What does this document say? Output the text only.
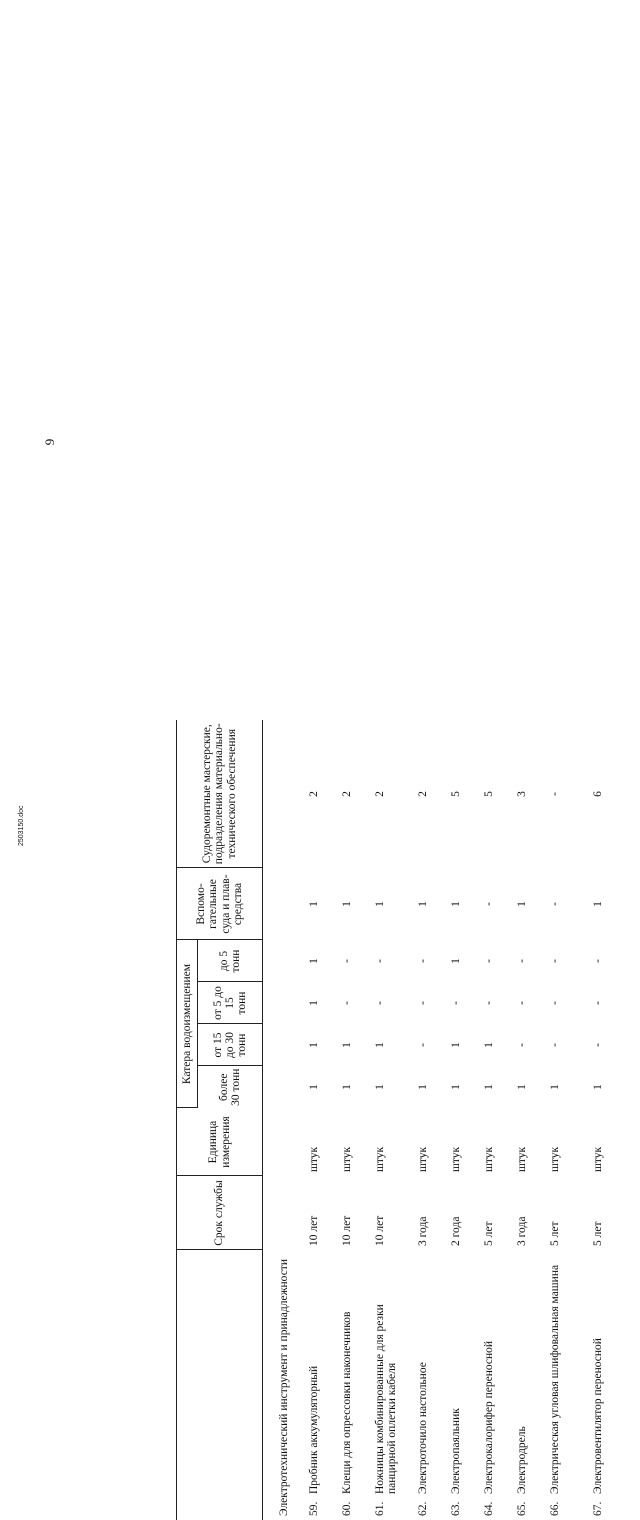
9
2503150.doc
		Срок службы	Единица измерения	Катера водоизмещением				Вспомо-гательные суда и плав-средства	Судоремонтные мастерские, подразделения материально-технического обеспечения
				более 30 тонн	от 15 до 30 тонн	от 5 до 15 тонн	до 5 тонн		
Электротехнический инструмент и принадлежности									
59.	Пробник аккумуляторный	10 лет	штук	1	1	1	1	1	2
60.	Клещи для опрессовки наконечников	10 лет	штук	1	1	-	-	1	2
61.	Ножницы комбинированные для резки панцирной оплетки кабеля	10 лет	штук	1	1	-	-	1	2
62.	Электроточило настольное	3 года	штук	1	-	-	-	1	2
63.	Электропаяльник	2 года	штук	1	1	-	1	1	5
64.	Электрокалорифер переносной	5 лет	штук	1	1	-	-	-	5
65.	Электродрель	3 года	штук	1	-	-	-	1	3
66.	Электрическая угловая шлифовальная машина	5 лет	штук	1	-	-	-	-	-
67.	Электровентилятор переносной	5 лет	штук	1	-	-	-	1	6
